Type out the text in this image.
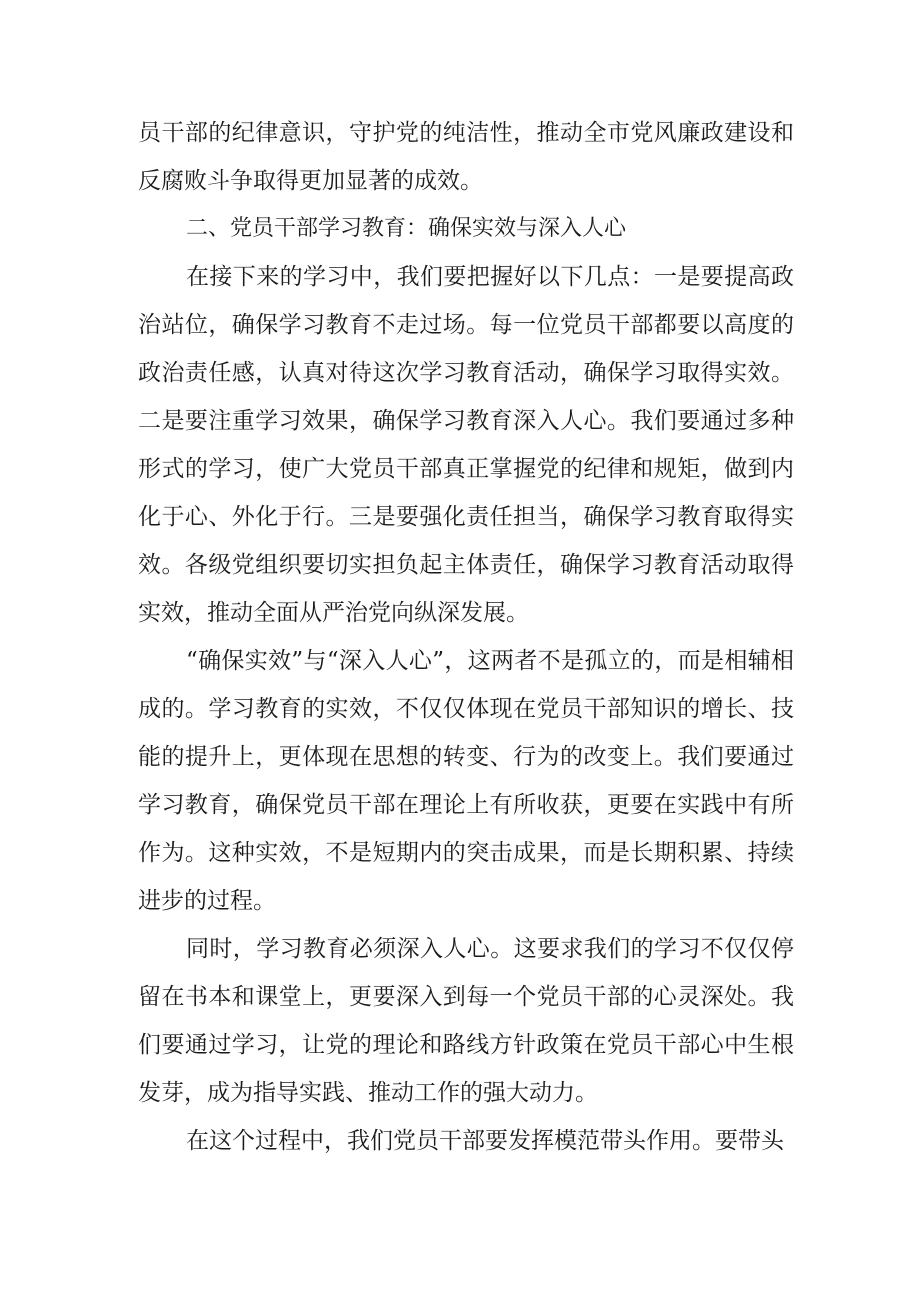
员干部的纪律意识，守护党的纯洁性，推动全市党风廉政建设和反腐败斗争取得更加显著的成效。

二、党员干部学习教育：确保实效与深入人心

在接下来的学习中，我们要把握好以下几点：一是要提高政治站位，确保学习教育不走过场。每一位党员干部都要以高度的政治责任感，认真对待这次学习教育活动，确保学习取得实效。二是要注重学习效果，确保学习教育深入人心。我们要通过多种形式的学习，使广大党员干部真正掌握党的纪律和规矩，做到内化于心、外化于行。三是要强化责任担当，确保学习教育取得实效。各级党组织要切实担负起主体责任，确保学习教育活动取得实效，推动全面从严治党向纵深发展。

“确保实效”与“深入人心”，这两者不是孤立的，而是相辅相成的。学习教育的实效，不仅仅体现在党员干部知识的增长、技能的提升上，更体现在思想的转变、行为的改变上。我们要通过学习教育，确保党员干部在理论上有所收获，更要在实践中有所作为。这种实效，不是短期内的突击成果，而是长期积累、持续进步的过程。

同时，学习教育必须深入人心。这要求我们的学习不仅仅停留在书本和课堂上，更要深入到每一个党员干部的心灵深处。我们要通过学习，让党的理论和路线方针政策在党员干部心中生根发芽，成为指导实践、推动工作的强大动力。

在这个过程中，我们党员干部要发挥模范带头作用。要带头
